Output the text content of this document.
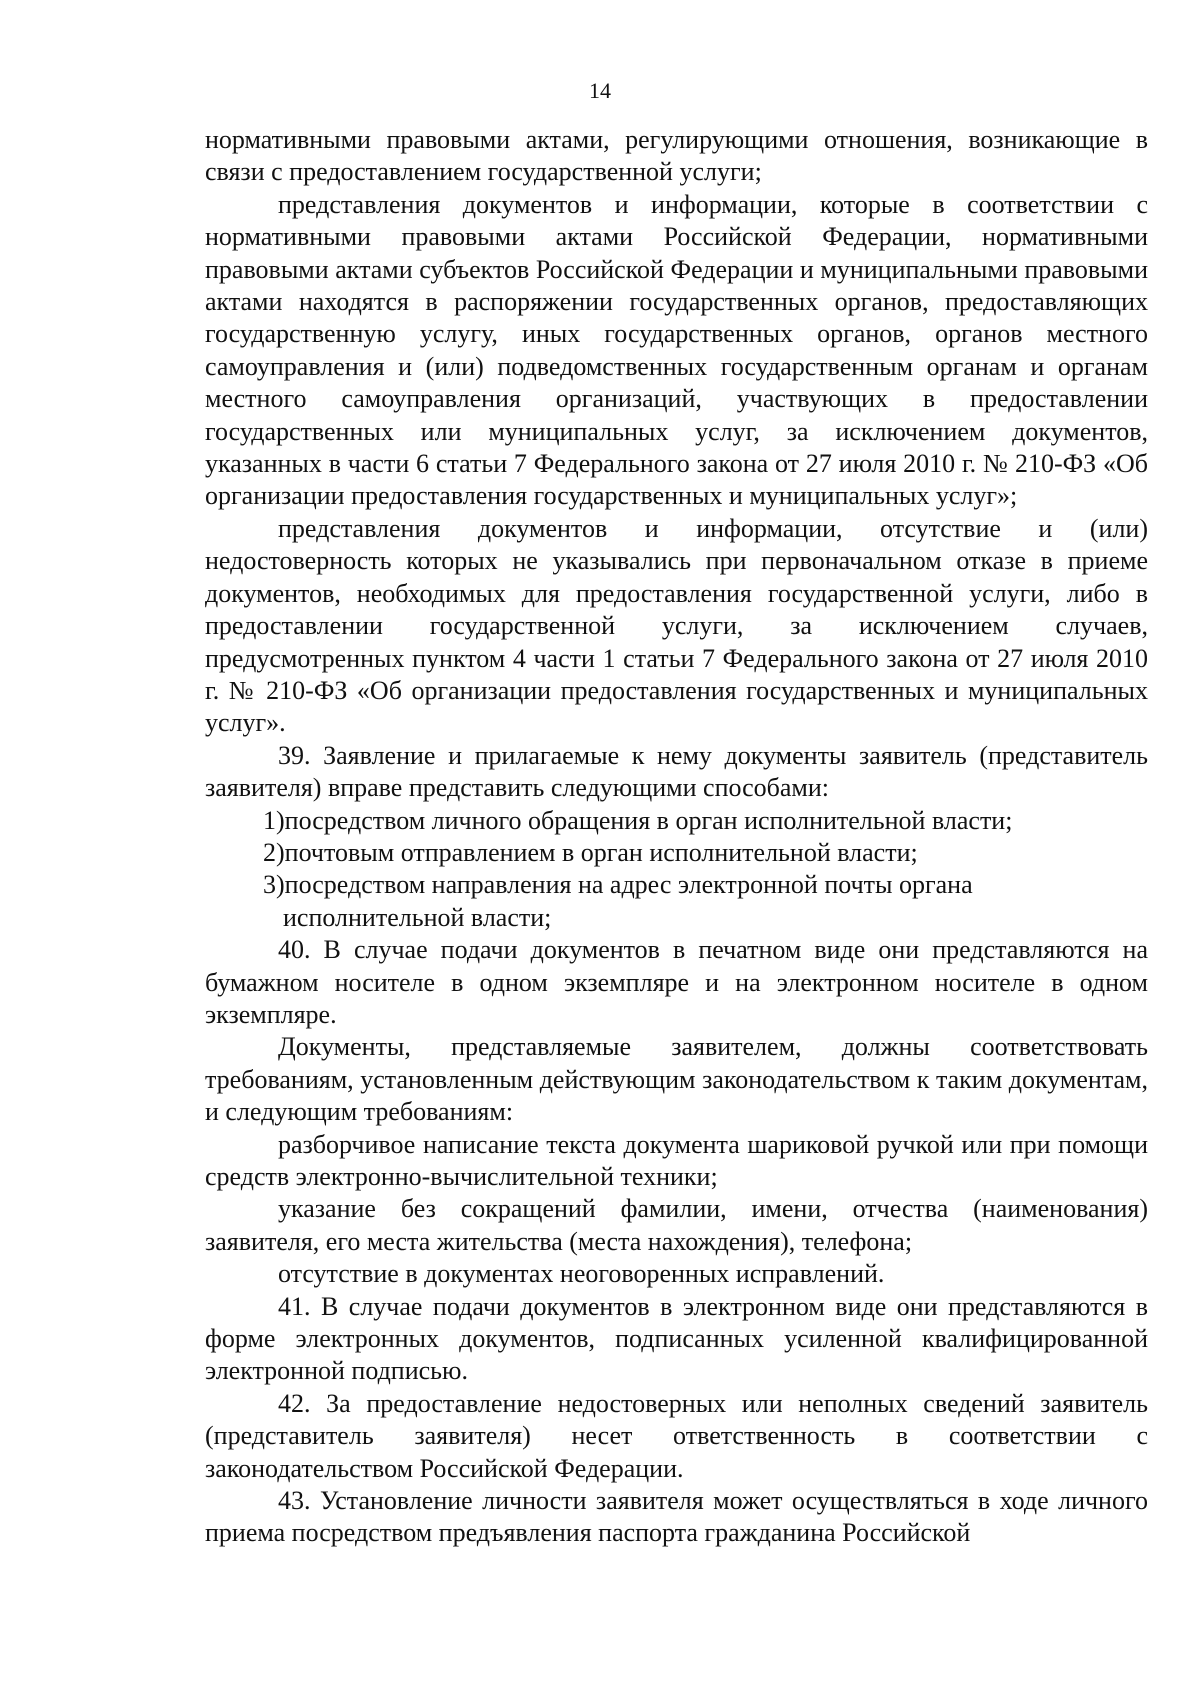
14

нормативными правовыми актами, регулирующими отношения, возникающие в связи с предоставлением государственной услуги;

представления документов и информации, которые в соответствии с нормативными правовыми актами Российской Федерации, нормативными правовыми актами субъектов Российской Федерации и муниципальными правовыми актами находятся в распоряжении государственных органов, предоставляющих государственную услугу, иных государственных органов, органов местного самоуправления и (или) подведомственных государственным органам и органам местного самоуправления организаций, участвующих в предоставлении государственных или муниципальных услуг, за исключением документов, указанных в части 6 статьи 7 Федерального закона от 27 июля 2010 г. № 210-ФЗ «Об организации предоставления государственных и муниципальных услуг»;

представления документов и информации, отсутствие и (или) недостоверность которых не указывались при первоначальном отказе в приеме документов, необходимых для предоставления государственной услуги, либо в предоставлении государственной услуги, за исключением случаев, предусмотренных пунктом 4 части 1 статьи 7 Федерального закона от 27 июля 2010 г. № 210-ФЗ «Об организации предоставления государственных и муниципальных услуг».

39. Заявление и прилагаемые к нему документы заявитель (представитель заявителя) вправе представить следующими способами:

1)посредством личного обращения в орган исполнительной власти;

2)почтовым отправлением в орган исполнительной власти;

3)посредством направления на адрес электронной почты органа исполнительной власти;

40. В случае подачи документов в печатном виде они представляются на бумажном носителе в одном экземпляре и на электронном носителе в одном экземпляре.

Документы, представляемые заявителем, должны соответствовать требованиям, установленным действующим законодательством к таким документам, и следующим требованиям:

разборчивое написание текста документа шариковой ручкой или при помощи средств электронно-вычислительной техники;

указание без сокращений фамилии, имени, отчества (наименования) заявителя, его места жительства (места нахождения), телефона;

отсутствие в документах неоговоренных исправлений.

41. В случае подачи документов в электронном виде они представляются в форме электронных документов, подписанных усиленной квалифицированной электронной подписью.

42. За предоставление недостоверных или неполных сведений заявитель (представитель заявителя) несет ответственность в соответствии с законодательством Российской Федерации.

43. Установление личности заявителя может осуществляться в ходе личного приема посредством предъявления паспорта гражданина Российской
